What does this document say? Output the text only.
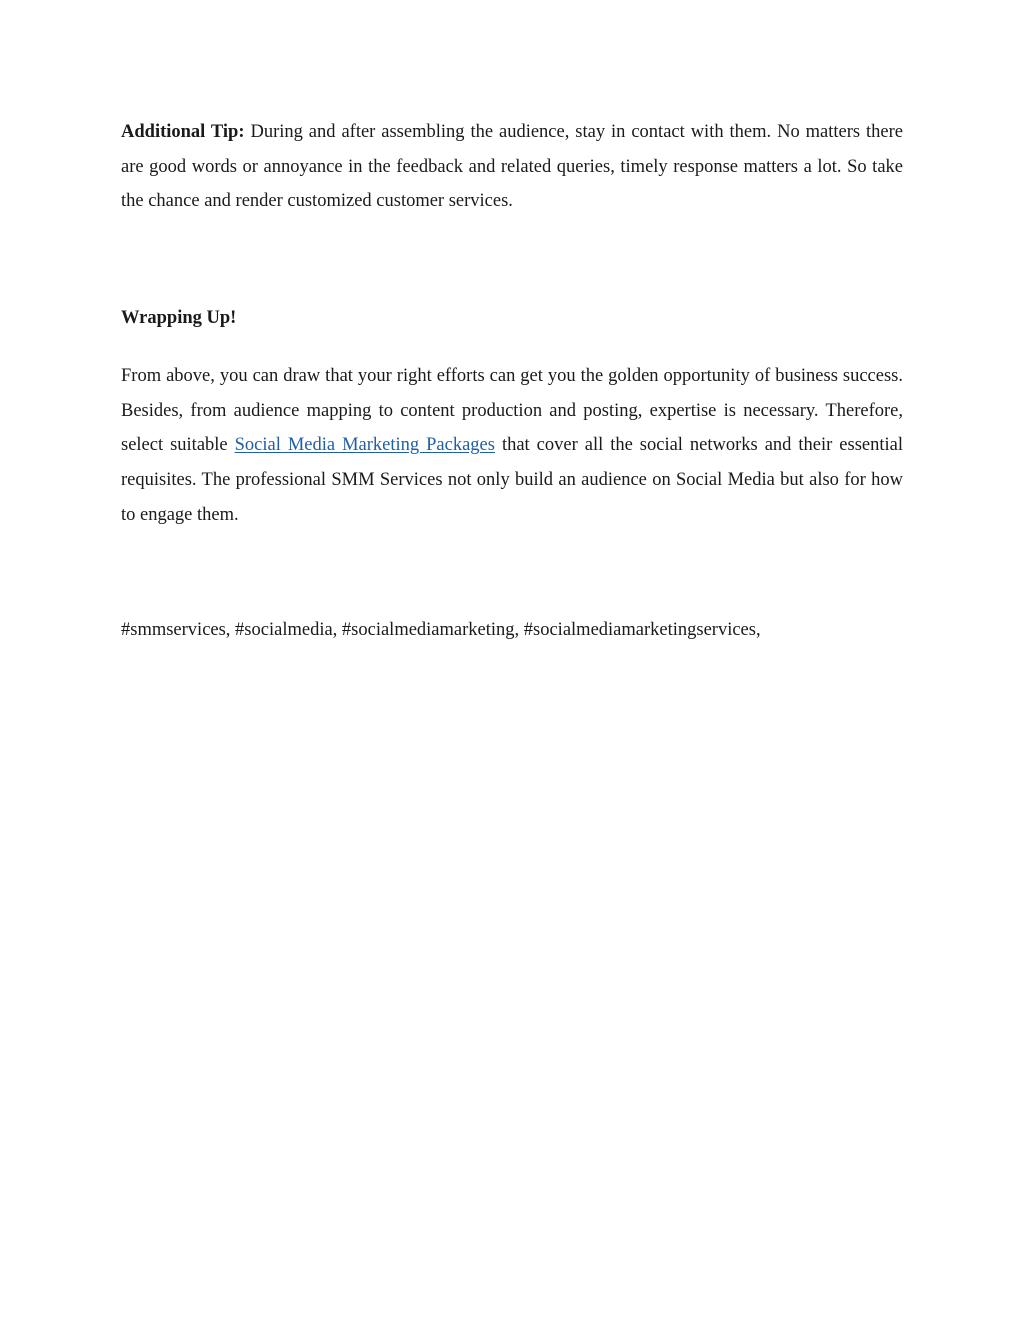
Additional Tip: During and after assembling the audience, stay in contact with them. No matters there are good words or annoyance in the feedback and related queries, timely response matters a lot. So take the chance and render customized customer services.

Wrapping Up!

From above, you can draw that your right efforts can get you the golden opportunity of business success. Besides, from audience mapping to content production and posting, expertise is necessary. Therefore, select suitable Social Media Marketing Packages that cover all the social networks and their essential requisites. The professional SMM Services not only build an audience on Social Media but also for how to engage them.

#smmservices, #socialmedia, #socialmediamarketing, #socialmediamarketingservices,
